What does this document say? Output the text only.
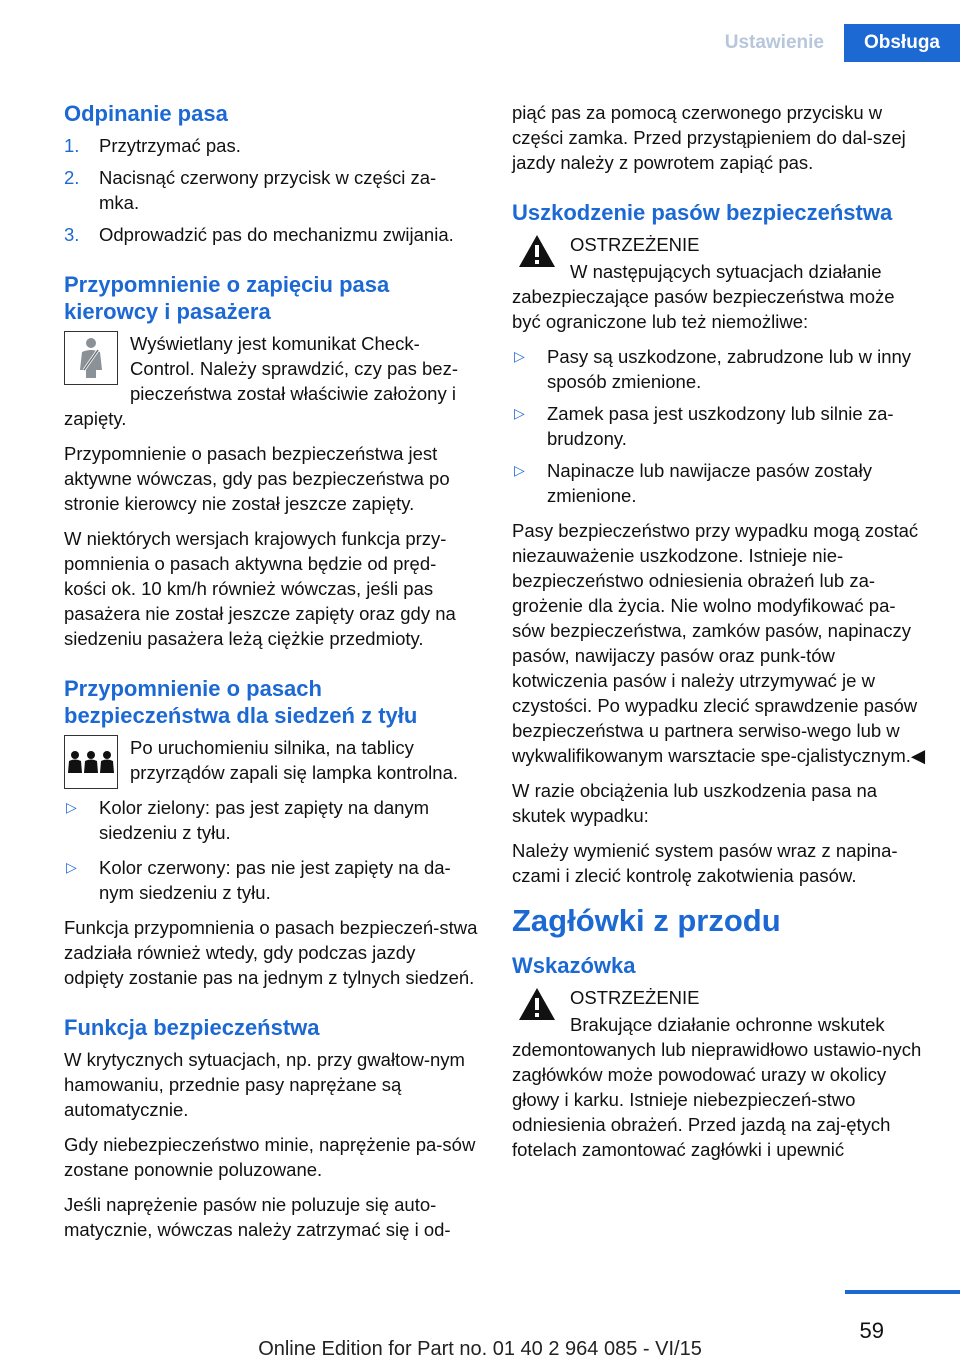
Ustawienie	Obsługa
Odpinanie pasa
1. Przytrzymać pas.
2. Nacisnąć czerwony przycisk w części za- mka.
3. Odprowadzić pas do mechanizmu zwijania.
Przypomnienie o zapięciu pasa kierowcy i pasażera
Wyświetlany jest komunikat Check-Control. Należy sprawdzić, czy pas bez-pieczeństwa został właściwie założony i zapięty.
Przypomnienie o pasach bezpieczeństwa jest aktywne wówczas, gdy pas bezpieczeństwa po stronie kierowcy nie został jeszcze zapięty.
W niektórych wersjach krajowych funkcja przy-pomnienia o pasach aktywna będzie od pręd-kości ok. 10 km/h również wówczas, jeśli pas pasażera nie został jeszcze zapięty oraz gdy na siedzeniu pasażera leżą ciężkie przedmioty.
Przypomnienie o pasach bezpieczeństwa dla siedzeń z tyłu
Po uruchomieniu silnika, na tablicy przyrządów zapali się lampka kontrolna.
▷ Kolor zielony: pas jest zapięty na danym siedzeniu z tyłu.
▷ Kolor czerwony: pas nie jest zapięty na da-nym siedzeniu z tyłu.
Funkcja przypomnienia o pasach bezpieczeń-stwa zadziała również wtedy, gdy podczas jazdy odpięty zostanie pas na jednym z tylnych siedzeń.
Funkcja bezpieczeństwa
W krytycznych sytuacjach, np. przy gwałtow-nym hamowaniu, przednie pasy naprężane są automatycznie.
Gdy niebezpieczeństwo minie, naprężenie pa-sów zostane ponownie poluzowane.
Jeśli naprężenie pasów nie poluzuje się auto-matycznie, wówczas należy zatrzymać się i od-
piąć pas za pomocą czerwonego przycisku w części zamka. Przed przystąpieniem do dal-szej jazdy należy z powrotem zapiąć pas.
Uszkodzenie pasów bezpieczeństwa
OSTRZEŻENIE
W następujących sytuacjach działanie zabezpieczające pasów bezpieczeństwa może być ograniczone lub też niemożliwe:
▷ Pasy są uszkodzone, zabrudzone lub w inny sposób zmienione.
▷ Zamek pasa jest uszkodzony lub silnie za-brudzony.
▷ Napinacze lub nawijacze pasów zostały zmienione.
Pasy bezpieczeństwo przy wypadku mogą zostać niezauważenie uszkodzone. Istnieje nie-bezpieczeństwo odniesienia obrażeń lub za-grożenie dla życia. Nie wolno modyfikować pa-sów bezpieczeństwa, zamków pasów, napinaczy pasów, nawijaczy pasów oraz punk-tów kotwiczenia pasów i należy utrzymywać je w czystości. Po wypadku zlecić sprawdzenie pasów bezpieczeństwa u partnera serwiso-wego lub w wykwalifikowanym warsztacie spe-cjalistycznym.◀
W razie obciążenia lub uszkodzenia pasa na skutek wypadku:
Należy wymienić system pasów wraz z napina-czami i zlecić kontrolę zakotwienia pasów.
Zagłówki z przodu
Wskazówka
OSTRZEŻENIE
Brakujące działanie ochronne wskutek zdemontowanych lub nieprawidłowo ustawio-nych zagłówków może powodować urazy w okolicy głowy i karku. Istnieje niebezpieczeń-stwo odniesienia obrażeń. Przed jazdą na zaj-ętych fotelach zamontować zagłówki i upewnić
59
Online Edition for Part no. 01 40 2 964 085 - VI/15
